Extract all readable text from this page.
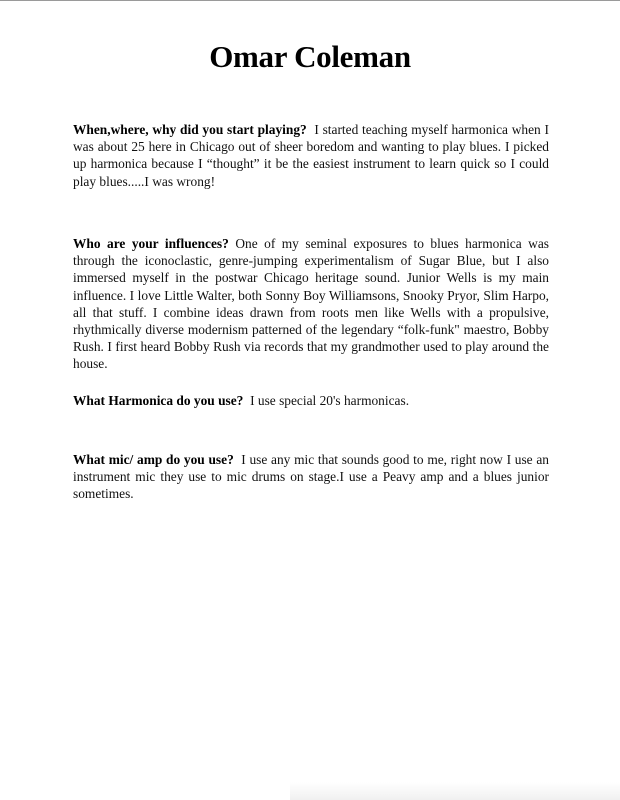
Omar Coleman

When,where, why did you start playing? I started teaching myself harmonica when I was about 25 here in Chicago out of sheer boredom and wanting to play blues. I picked up harmonica because I “thought” it be the easiest instrument to learn quick so I could play blues.....I was wrong!

Who are your influences? One of my seminal exposures to blues harmonica was through the iconoclastic, genre-jumping experimentalism of Sugar Blue, but I also immersed myself in the postwar Chicago heritage sound. Junior Wells is my main influence. I love Little Walter, both Sonny Boy Williamsons, Snooky Pryor, Slim Harpo, all that stuff. I combine ideas drawn from roots men like Wells with a propulsive, rhythmically diverse modernism patterned of the legendary “folk-funk" maestro, Bobby Rush. I first heard Bobby Rush via records that my grandmother used to play around the house.

What Harmonica do you use? I use special 20's harmonicas.

What mic/ amp do you use? I use any mic that sounds good to me, right now I use an instrument mic they use to mic drums on stage.I use a Peavy amp and a blues junior sometimes.
